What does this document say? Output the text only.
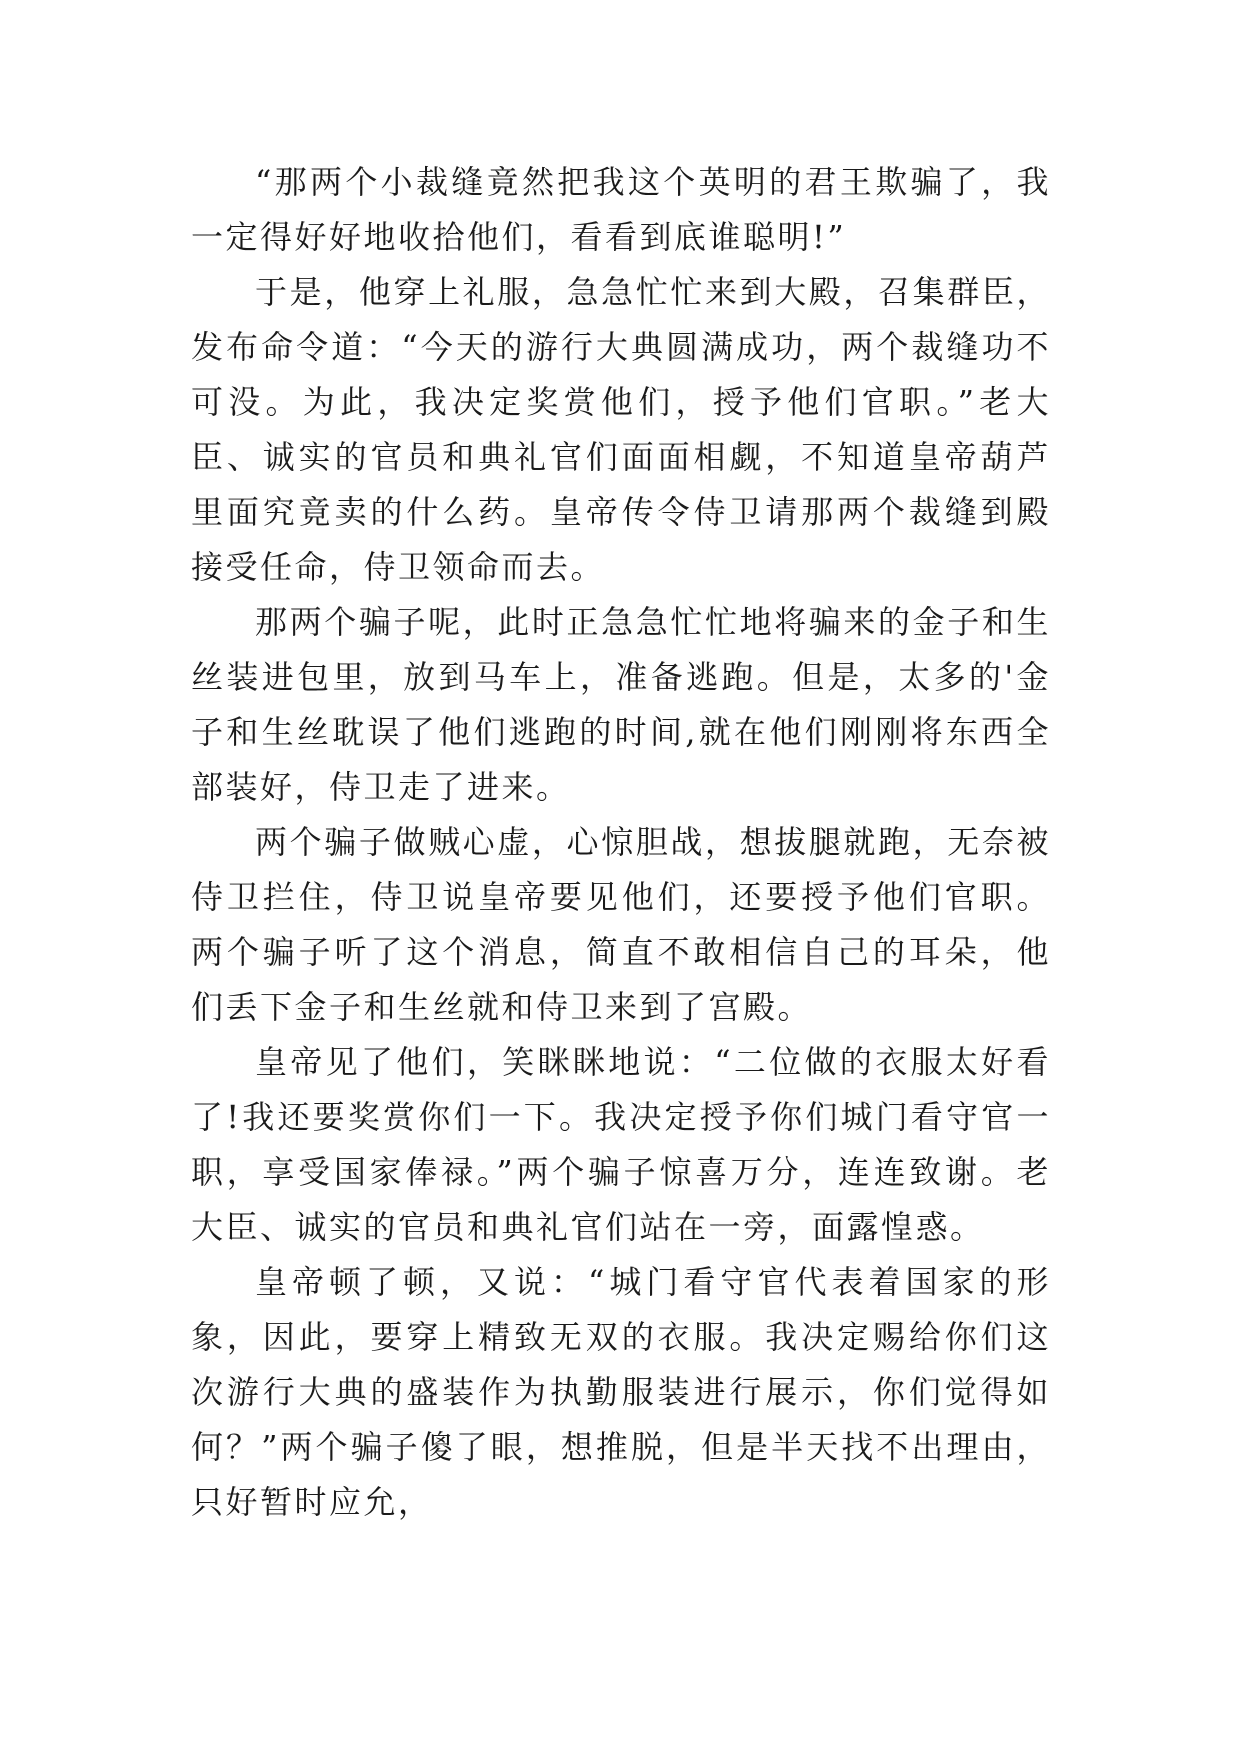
“那两个小裁缝竟然把我这个英明的君王欺骗了，我一定得好好地收拾他们，看看到底谁聪明!”

于是，他穿上礼服，急急忙忙来到大殿，召集群臣，发布命令道：“今天的游行大典圆满成功，两个裁缝功不可没。为此，我决定奖赏他们，授予他们官职。”老大臣、诚实的官员和典礼官们面面相觑，不知道皇帝葫芦里面究竟卖的什么药。皇帝传令侍卫请那两个裁缝到殿接受任命，侍卫领命而去。

那两个骗子呢，此时正急急忙忙地将骗来的金子和生丝装进包里，放到马车上，准备逃跑。但是，太多的'金子和生丝耽误了他们逃跑的时间,就在他们刚刚将东西全部装好，侍卫走了进来。

两个骗子做贼心虚，心惊胆战，想拔腿就跑，无奈被侍卫拦住，侍卫说皇帝要见他们，还要授予他们官职。两个骗子听了这个消息，简直不敢相信自己的耳朵，他们丢下金子和生丝就和侍卫来到了宫殿。

皇帝见了他们，笑眯眯地说：“二位做的衣服太好看了!我还要奖赏你们一下。我决定授予你们城门看守官一职，享受国家俸禄。”两个骗子惊喜万分，连连致谢。老大臣、诚实的官员和典礼官们站在一旁，面露惶惑。

皇帝顿了顿，又说：“城门看守官代表着国家的形象，因此，要穿上精致无双的衣服。我决定赐给你们这次游行大典的盛装作为执勤服装进行展示，你们觉得如何？”两个骗子傻了眼，想推脱，但是半天找不出理由，只好暂时应允，
